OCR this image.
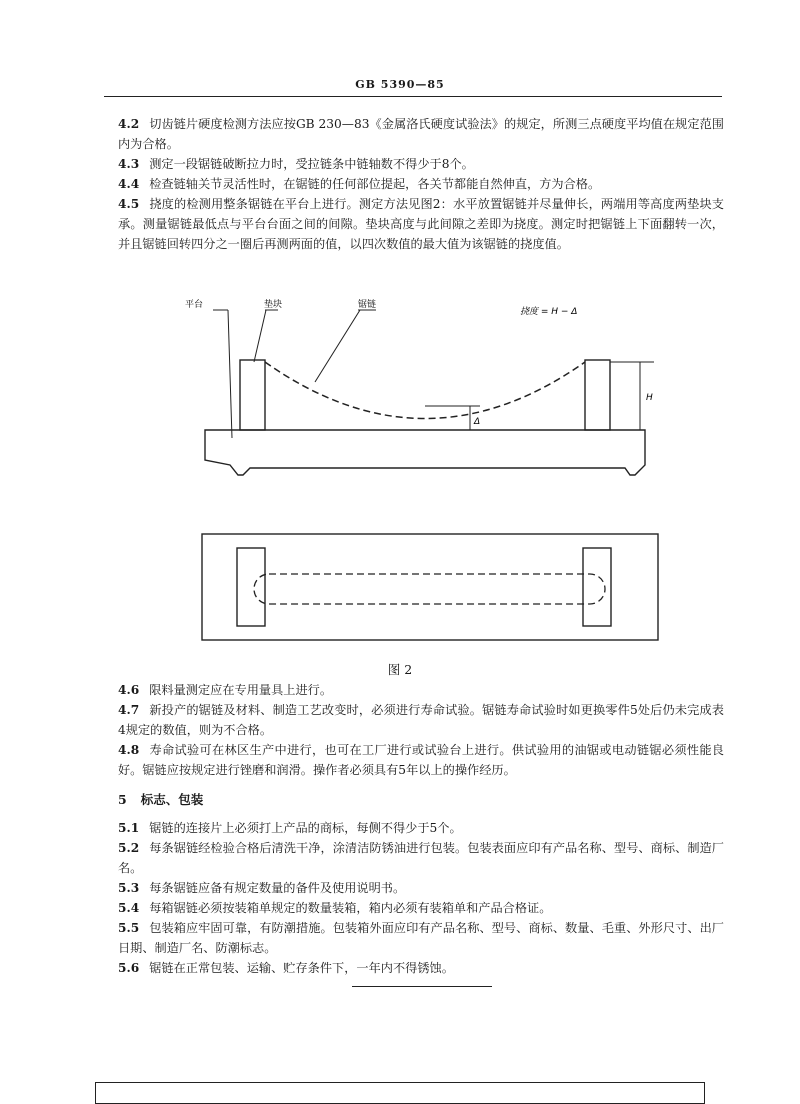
GB 5390—85
4.2 切齿链片硬度检测方法应按GB 230—83《金属洛氏硬度试验法》的规定，所测三点硬度平均值在规定范围内为合格。
4.3 测定一段锯链破断拉力时，受拉链条中链轴数不得少于8个。
4.4 检查链轴关节灵活性时，在锯链的任何部位提起，各关节都能自然伸直，方为合格。
4.5 挠度的检测用整条锯链在平台上进行。测定方法见图2：水平放置锯链并尽量伸长，两端用等高度两垫块支承。测量锯链最低点与平台台面之间的间隙。垫块高度与此间隙之差即为挠度。测定时把锯链上下面翻转一次，并且锯链回转四分之一圈后再测两面的值，以四次数值的最大值为该锯链的挠度值。
平台	垫块	锯链
挠度 = H − Δ
H
Δ
图 2
4.6 限料量测定应在专用量具上进行。
4.7 新投产的锯链及材料、制造工艺改变时，必须进行寿命试验。锯链寿命试验时如更换零件5处后仍未完成表4规定的数值，则为不合格。
4.8 寿命试验可在林区生产中进行，也可在工厂进行或试验台上进行。供试验用的油锯或电动链锯必须性能良好。锯链应按规定进行锉磨和润滑。操作者必须具有5年以上的操作经历。
5 标志、包装
5.1 锯链的连接片上必须打上产品的商标，每侧不得少于5个。
5.2 每条锯链经检验合格后清洗干净，涂清洁防锈油进行包装。包装表面应印有产品名称、型号、商标、制造厂名。
5.3 每条锯链应备有规定数量的备件及使用说明书。
5.4 每箱锯链必须按装箱单规定的数量装箱，箱内必须有装箱单和产品合格证。
5.5 包装箱应牢固可靠，有防潮措施。包装箱外面应印有产品名称、型号、商标、数量、毛重、外形尺寸、出厂日期、制造厂名、防潮标志。
5.6 锯链在正常包装、运输、贮存条件下，一年内不得锈蚀。
